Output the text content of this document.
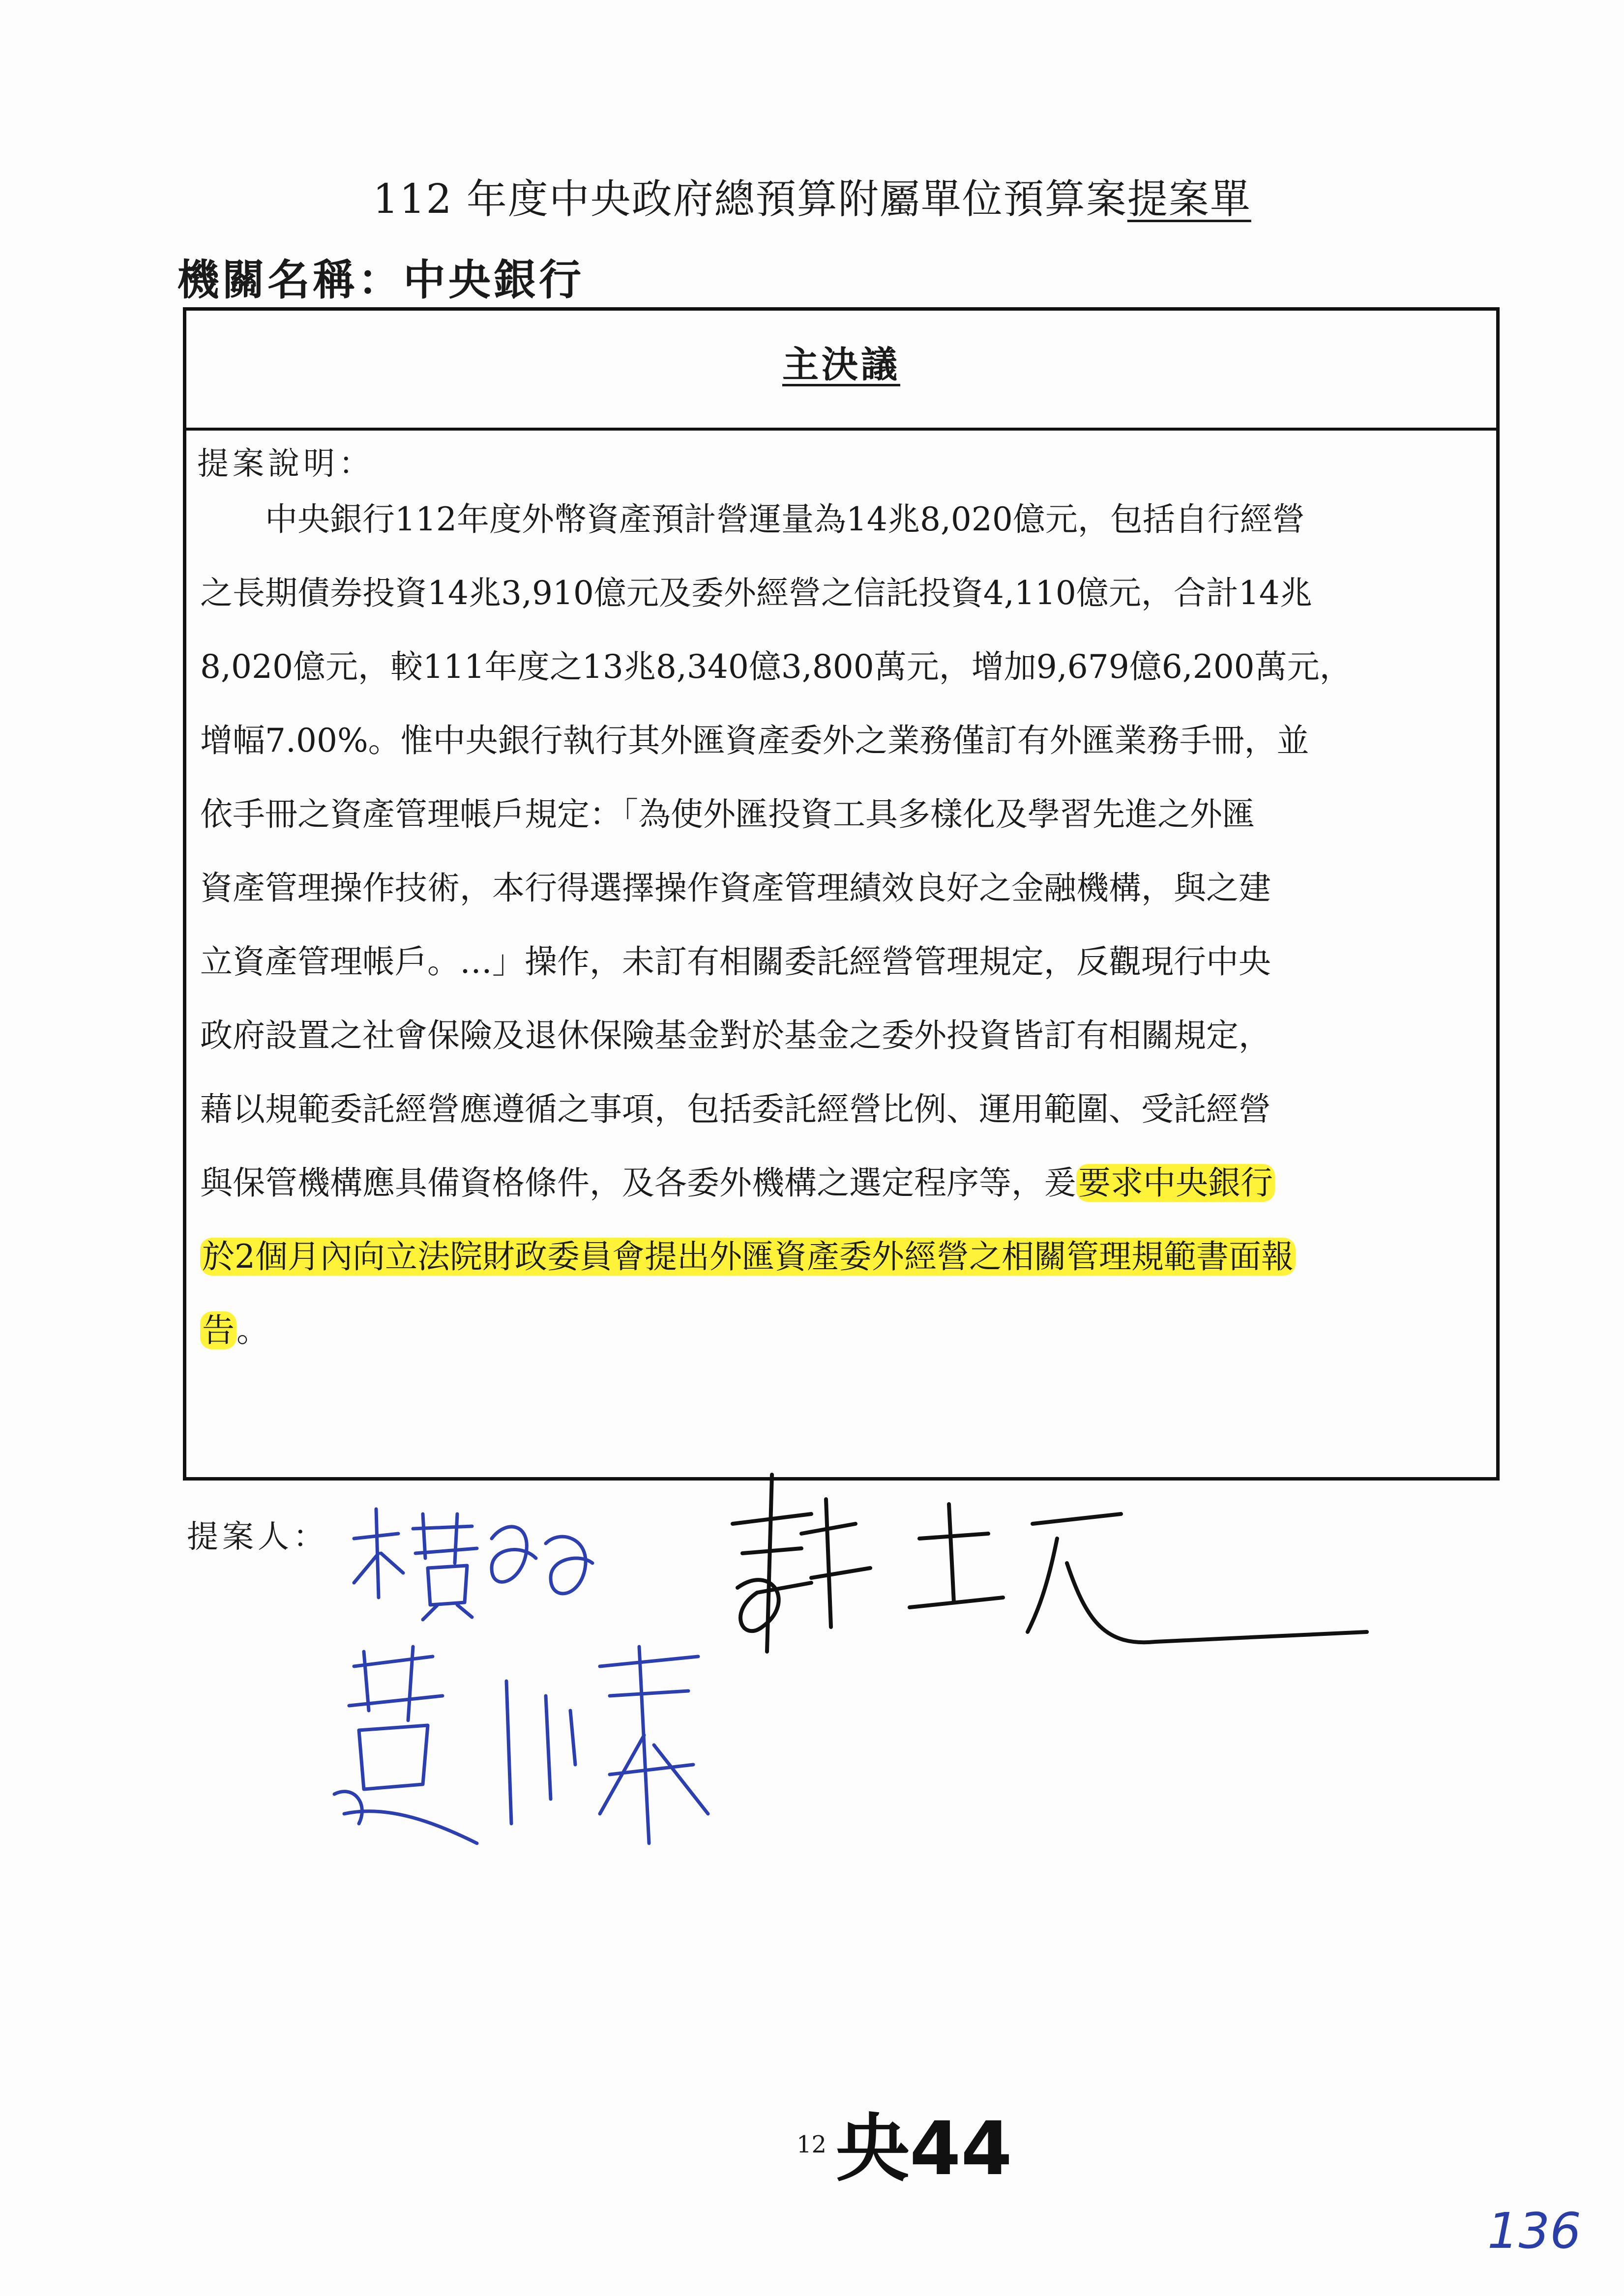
112 年度中央政府總預算附屬單位預算案提案單
機關名稱：中央銀行
主決議
提案說明：
　　中央銀行112年度外幣資產預計營運量為14兆8,020億元，包括自行經營
之長期債券投資14兆3,910億元及委外經營之信託投資4,110億元，合計14兆
8,020億元，較111年度之13兆8,340億3,800萬元，增加9,679億6,200萬元，
增幅7.00%。惟中央銀行執行其外匯資產委外之業務僅訂有外匯業務手冊，並
依手冊之資產管理帳戶規定：「為使外匯投資工具多樣化及學習先進之外匯
資產管理操作技術，本行得選擇操作資產管理績效良好之金融機構，與之建
立資產管理帳戶。…」操作，未訂有相關委託經營管理規定，反觀現行中央
政府設置之社會保險及退休保險基金對於基金之委外投資皆訂有相關規定，
藉以規範委託經營應遵循之事項，包括委託經營比例、運用範圍、受託經營
與保管機構應具備資格條件，及各委外機構之選定程序等，爰要求中央銀行
於2個月內向立法院財政委員會提出外匯資產委外經營之相關管理規範書面報
告。
提案人：
12 央44
136
